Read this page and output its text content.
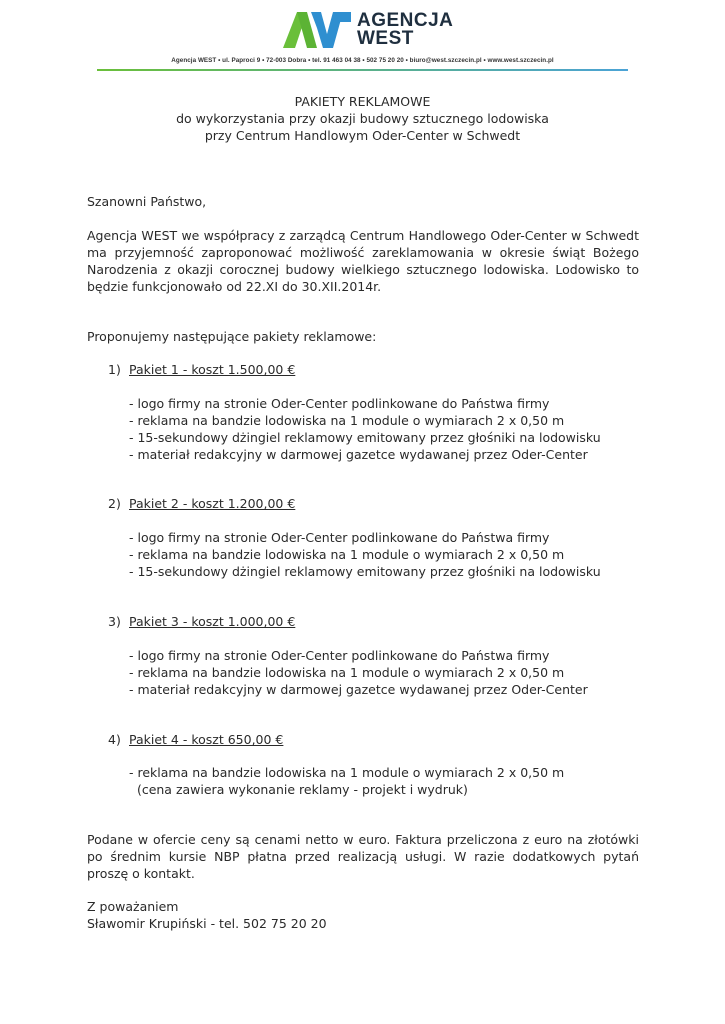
AGENCJA
WEST
Agencja WEST • ul. Paproci 9 • 72-003 Dobra • tel. 91 463 04 38 • 502 75 20 20 • biuro@west.szczecin.pl • www.west.szczecin.pl
PAKIETY REKLAMOWE
do wykorzystania przy okazji budowy sztucznego lodowiska
przy Centrum Handlowym Oder-Center w Schwedt
Szanowni Państwo,
Agencja WEST we współpracy z zarządcą Centrum Handlowego Oder-Center w Schwedt ma przyjemność zaproponować możliwość zareklamowania w okresie świąt Bożego Narodzenia z okazji corocznej budowy wielkiego sztucznego lodowiska. Lodowisko to będzie funkcjonowało od 22.XI do 30.XII.2014r.
Proponujemy następujące pakiety reklamowe:
1) Pakiet 1 - koszt 1.500,00 €
- logo firmy na stronie Oder-Center podlinkowane do Państwa firmy
- reklama na bandzie lodowiska na 1 module o wymiarach 2 x 0,50 m
- 15-sekundowy dżingiel reklamowy emitowany przez głośniki na lodowisku
- materiał redakcyjny w darmowej gazetce wydawanej przez Oder-Center
2) Pakiet 2 - koszt 1.200,00 €
- logo firmy na stronie Oder-Center podlinkowane do Państwa firmy
- reklama na bandzie lodowiska na 1 module o wymiarach 2 x 0,50 m
- 15-sekundowy dżingiel reklamowy emitowany przez głośniki na lodowisku
3) Pakiet 3 - koszt 1.000,00 €
- logo firmy na stronie Oder-Center podlinkowane do Państwa firmy
- reklama na bandzie lodowiska na 1 module o wymiarach 2 x 0,50 m
- materiał redakcyjny w darmowej gazetce wydawanej przez Oder-Center
4) Pakiet 4 - koszt 650,00 €
- reklama na bandzie lodowiska na 1 module o wymiarach 2 x 0,50 m
(cena zawiera wykonanie reklamy - projekt i wydruk)
Podane w ofercie ceny są cenami netto w euro. Faktura przeliczona z euro na złotówki po średnim kursie NBP płatna przed realizacją usługi. W razie dodatkowych pytań proszę o kontakt.
Z poważaniem
Sławomir Krupiński - tel. 502 75 20 20
